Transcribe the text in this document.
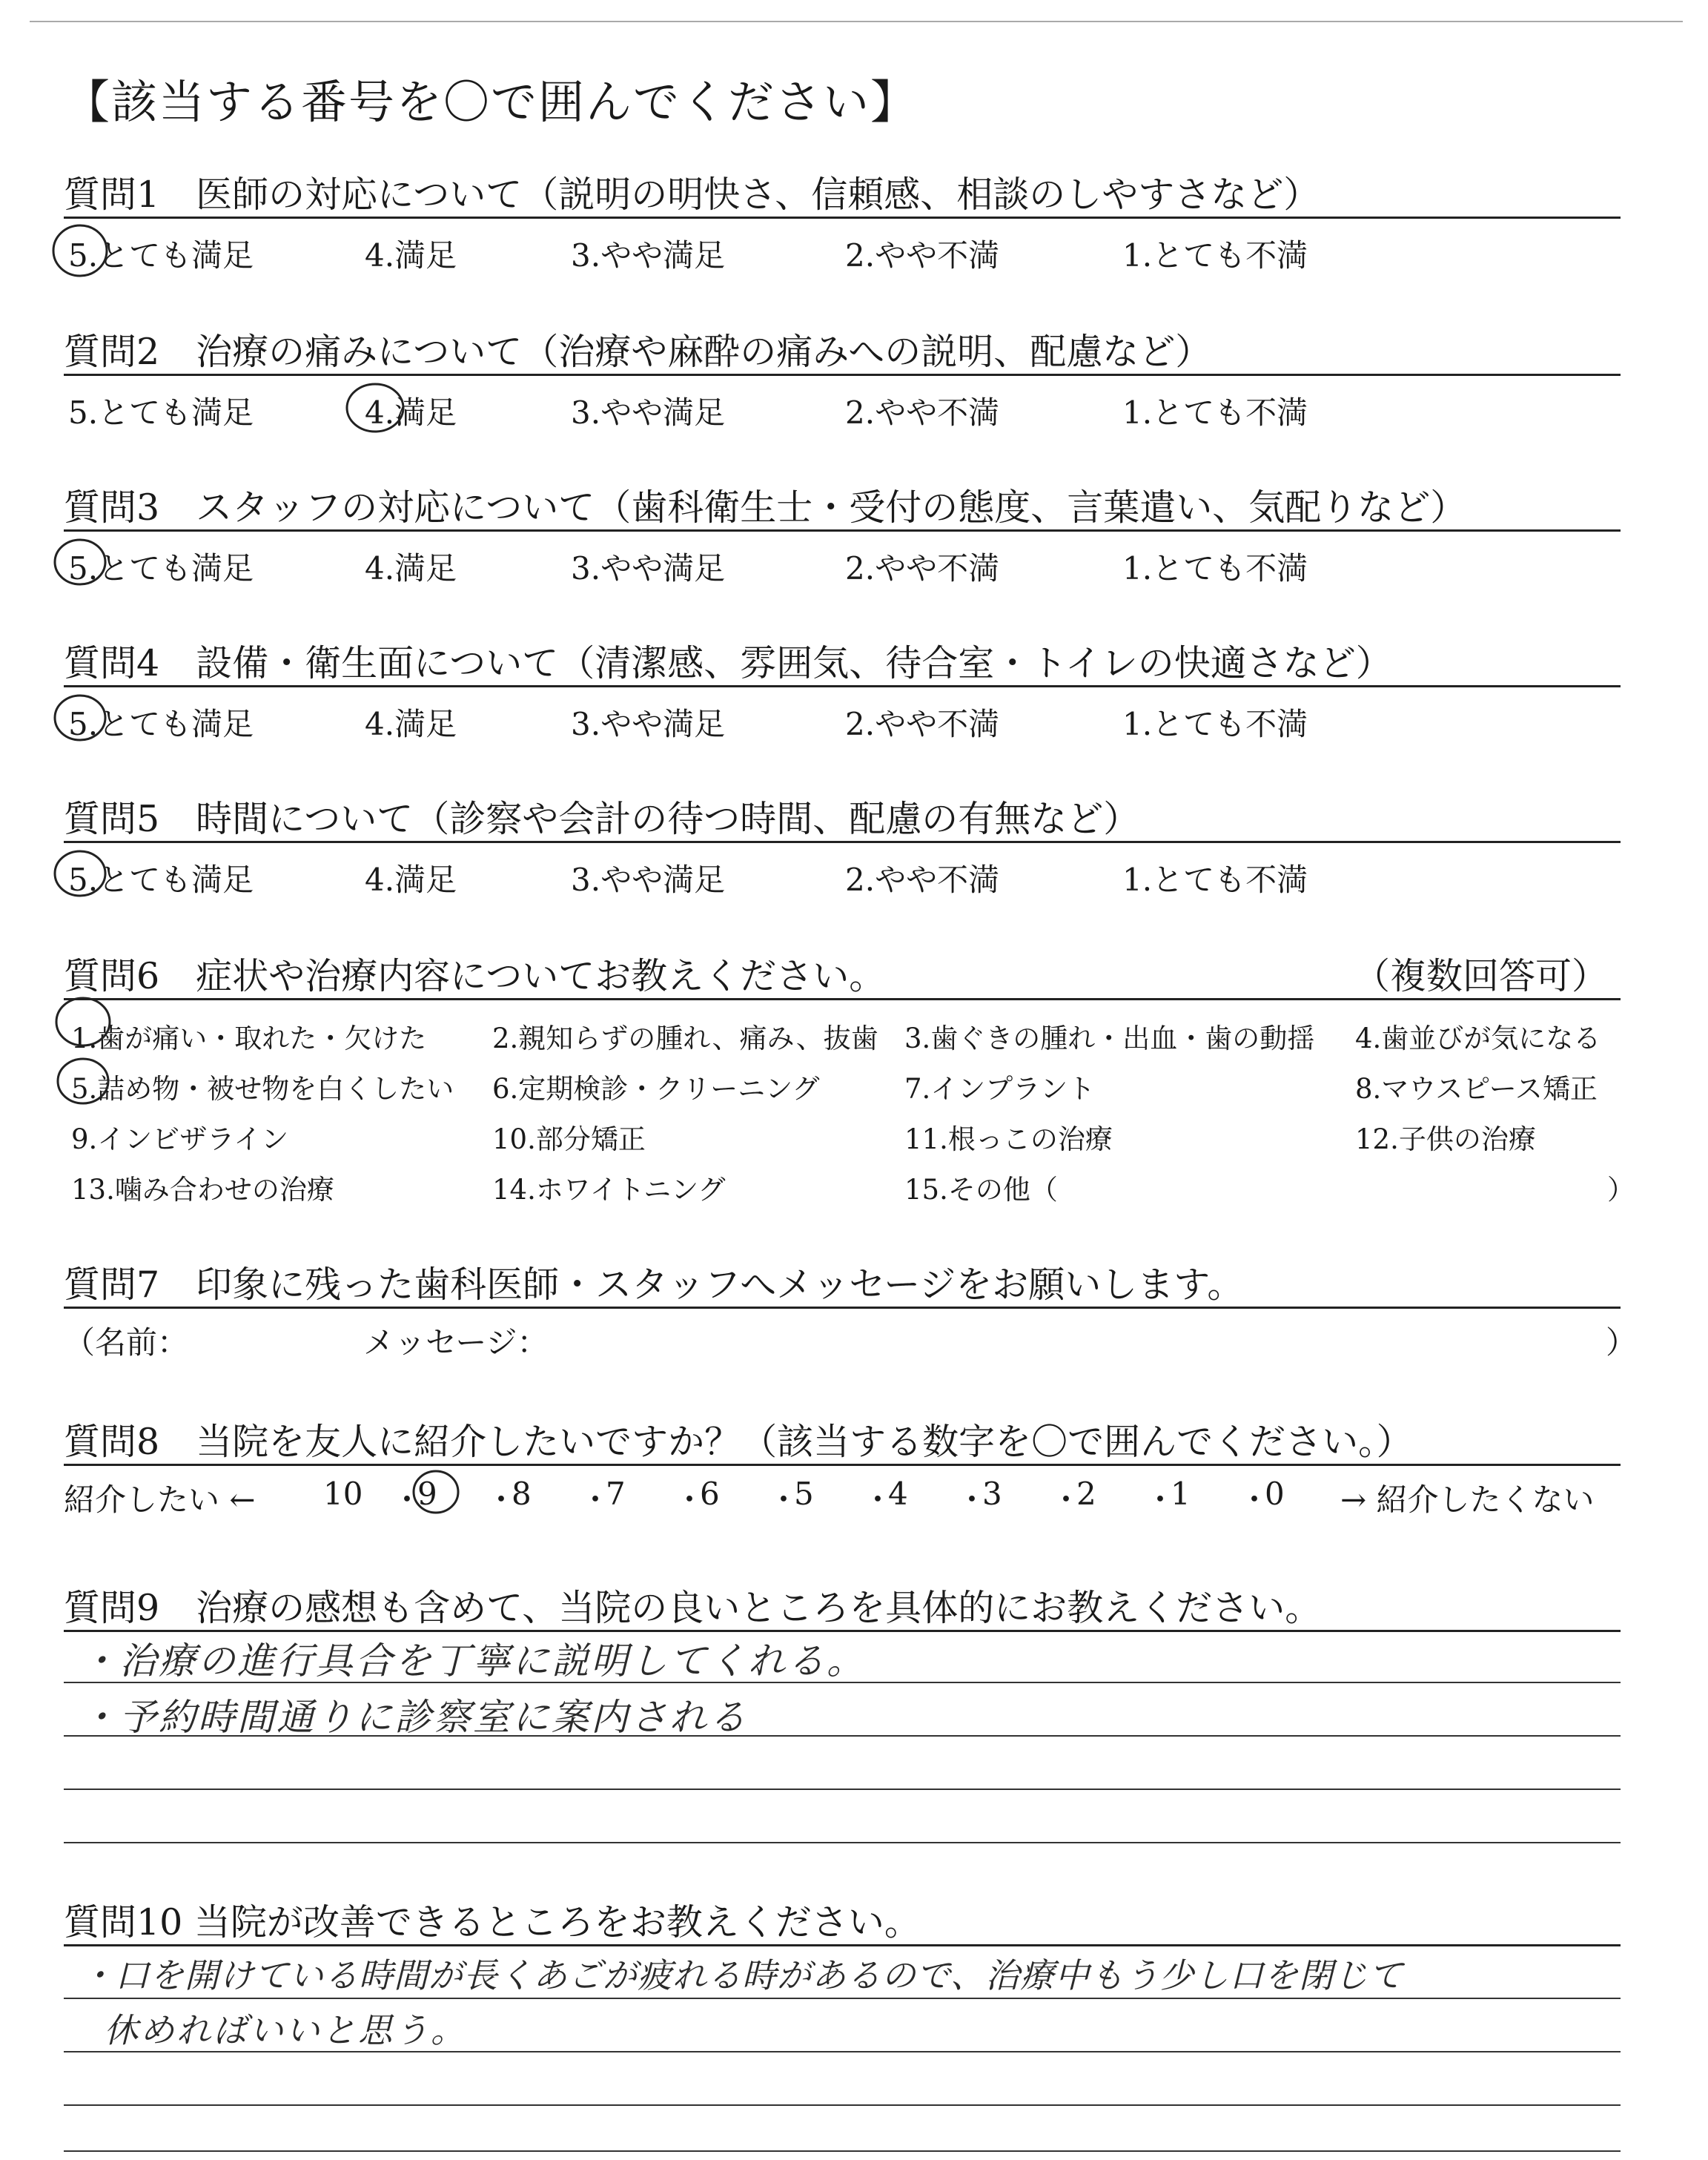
【該当する番号を〇で囲んでください】
質問1　医師の対応について（説明の明快さ、信頼感、相談のしやすさなど）
5.とても満足	4.満足	3.やや満足	2.やや不満	1.とても不満
質問2　治療の痛みについて（治療や麻酔の痛みへの説明、配慮など）
5.とても満足	4.満足	3.やや満足	2.やや不満	1.とても不満
質問3　スタッフの対応について（歯科衛生士・受付の態度、言葉遣い、気配りなど）
5.とても満足	4.満足	3.やや満足	2.やや不満	1.とても不満
質問4　設備・衛生面について（清潔感、雰囲気、待合室・トイレの快適さなど）
5.とても満足	4.満足	3.やや満足	2.やや不満	1.とても不満
質問5　時間について（診察や会計の待つ時間、配慮の有無など）
5.とても満足	4.満足	3.やや満足	2.やや不満	1.とても不満
質問6　症状や治療内容についてお教えください。	（複数回答可）
1.歯が痛い・取れた・欠けた 2.親知らずの腫れ、痛み、抜歯 3.歯ぐきの腫れ・出血・歯の動揺 4.歯並びが気になる
5.詰め物・被せ物を白くしたい 6.定期検診・クリーニング	7.インプラント	8.マウスピース矯正
9.インビザライン	10.部分矯正	11.根っこの治療	12.子供の治療
13.噛み合わせの治療	14.ホワイトニング	15.その他（	）
質問7　印象に残った歯科医師・スタッフへメッセージをお願いします。
（名前：	メッセージ：	）
質問8　当院を友人に紹介したいですか？（該当する数字を〇で囲んでください。）
紹介したい ← 10 ・
9 ・
8 ・
7 ・
6 ・
5 ・
4 ・
3 ・
2 ・
1 ・
0 → 紹介したくない
質問9　治療の感想も含めて、当院の良いところを具体的にお教えください。
・治療の進行具合を丁寧に説明してくれる。
・予約時間通りに診察室に案内される
質問10 当院が改善できるところをお教えください。
・口を開けている時間が長くあごが疲れる時があるので、治療中もう少し口を閉じて
休めればいいと思う。
